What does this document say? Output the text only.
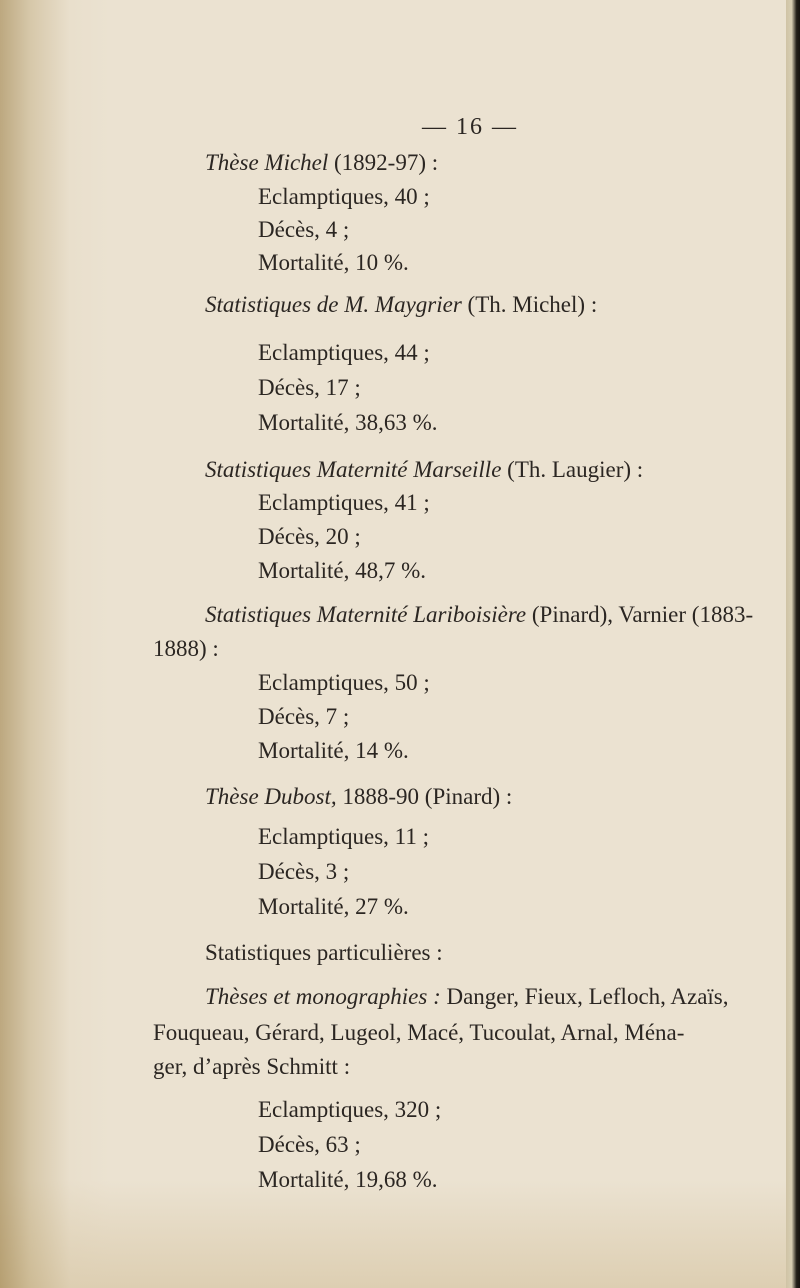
— 16 —
Thèse Michel (1892-97) :
Eclamptiques, 40 ;
Décès, 4 ;
Mortalité, 10 %.
Statistiques de M. Maygrier (Th. Michel) :
Eclamptiques, 44 ;
Décès, 17 ;
Mortalité, 38,63 %.
Statistiques Maternité Marseille (Th. Laugier) :
Eclamptiques, 41 ;
Décès, 20 ;
Mortalité, 48,7 %.
Statistiques Maternité Lariboisière (Pinard), Varnier (1883-
1888) :
Eclamptiques, 50 ;
Décès, 7 ;
Mortalité, 14 %.
Thèse Dubost, 1888-90 (Pinard) :
Eclamptiques, 11 ;
Décès, 3 ;
Mortalité, 27 %.
Statistiques particulières :
Thèses et monographies : Danger, Fieux, Lefloch, Azaïs,
Fouqueau, Gérard, Lugeol, Macé, Tucoulat, Arnal, Ména-
ger, d’après Schmitt :
Eclamptiques, 320 ;
Décès, 63 ;
Mortalité, 19,68 %.
